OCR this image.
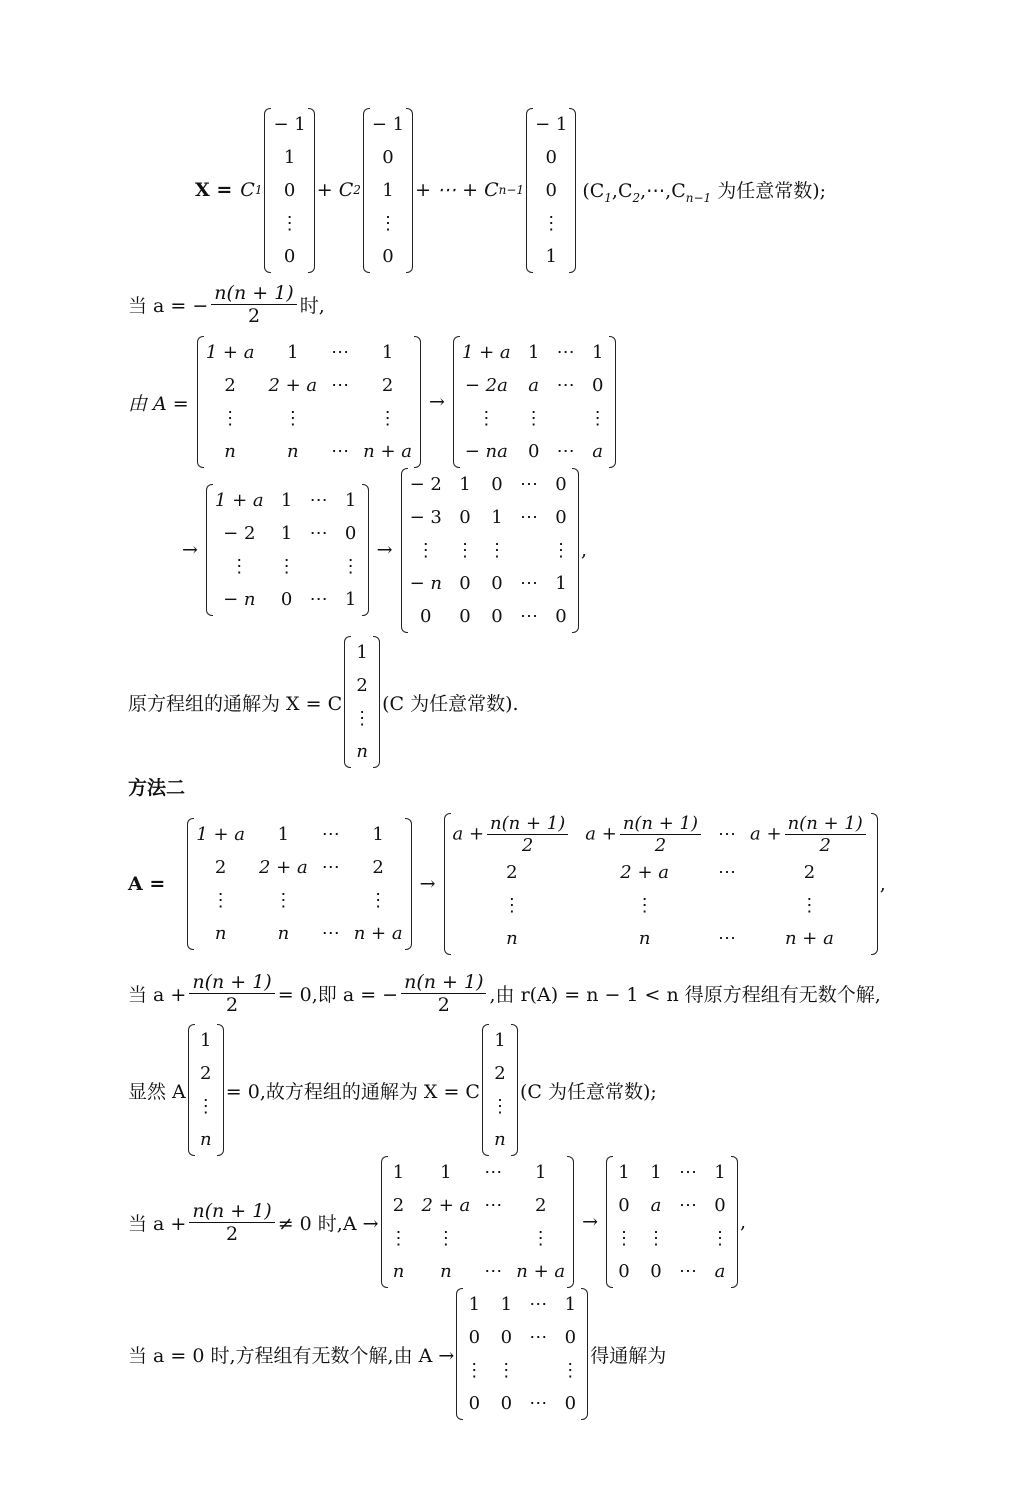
X = C 1
− 1
1
0
⋮
0
+ C 2
− 1
0
1
⋮
0
+ ⋯ + C n−1
− 1
0
0
⋮
1
($C_1,C_2,\cdots,C_{n-1}$ 为任意常数);
当 a = − $\frac{n(n + 1)}{2}$ 时,
由 A =
1 + a	1	⋯	1
2	2 + a	⋯	2
⋮	⋮		⋮
n	n	⋯	n + a
→
1 + a	1	⋯	1
− 2a	a	⋯	0
⋮	⋮		⋮
− na	0	⋯	a
→
1 + a	1	⋯	1
− 2	1	⋯	0
⋮	⋮		⋮
− n	0	⋯	1
→
− 2	1	0	⋯	0
− 3	0	1	⋯	0
⋮	⋮	⋮		⋮
− n	0	0	⋯	1
0	0	0	⋯	0
,
原方程组的通解为 X = C
1
2
⋮
n
(C 为任意常数).
方法二
A =
1 + a	1	⋯	1
2	2 + a	⋯	2
⋮	⋮		⋮
n	n	⋯	n + a
→
$a + \frac{n(n + 1)}{2}$	$a + \frac{n(n + 1)}{2}$	⋯	$a + \frac{n(n + 1)}{2}$

2	2 + a	⋯	2
⋮	⋮		⋮
n	n	⋯	n + a
,
当 $a + \frac{n(n + 1)}{2} = 0$,即 a = − $\frac{n(n + 1)}{2}$ ,由 r(A) = n − 1 < n 得原方程组有无数个解,
显然 A
1
2
⋮
n
= 0,故方程组的通解为 X = C
1
2
⋮
n
(C 为任意常数);
当 $a + \frac{n(n + 1)}{2} \ne 0$ 时,A →
1	1	⋯	1
2	2 + a	⋯	2
⋮	⋮		⋮
n	n	⋯	n + a
→
1	1	⋯	1
0	a	⋯	0
⋮	⋮		⋮
0	0	⋯	a
,
当 a = 0 时,方程组有无数个解,由 A →
1	1	⋯	1
0	0	⋯	0
⋮	⋮		⋮
0	0	⋯	0
得通解为
